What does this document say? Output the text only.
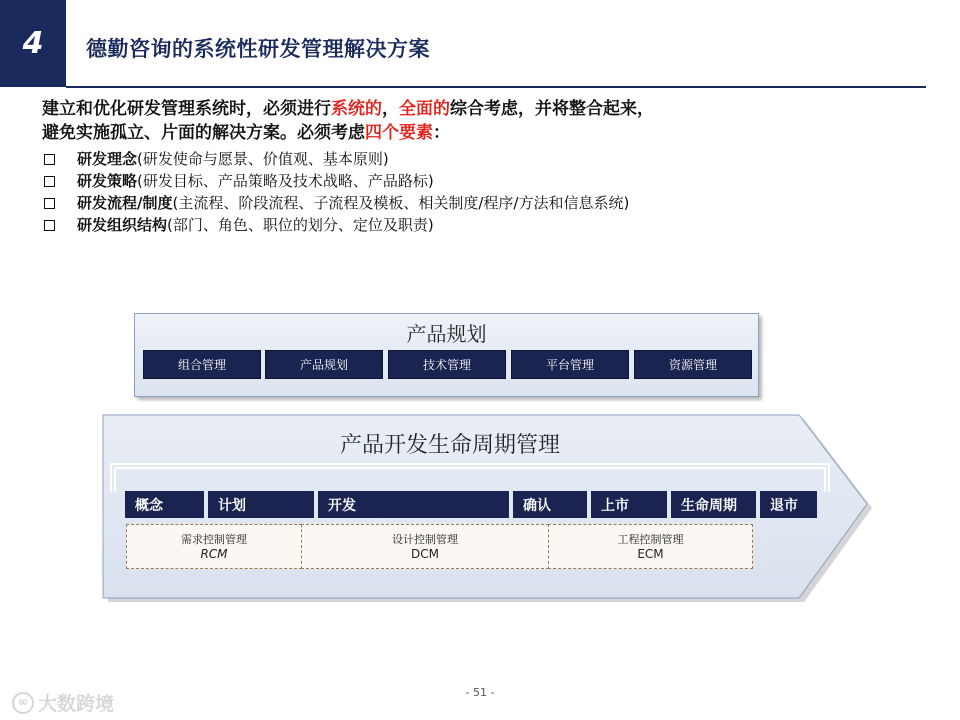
4	德勤咨询的系统性研发管理解决方案
建立和优化研发管理系统时，必须进行系统的，全面的综合考虑，并将整合起来，
避免实施孤立、片面的解决方案。必须考虑四个要素：
研发理念 (研发使命与愿景、价值观、基本原则)
研发策略 (研发目标、产品策略及技术战略、产品路标)
研发流程/制度 (主流程、阶段流程、子流程及模板、相关制度/程序/方法和信息系统)
研发组织结构 (部门、角色、职位的划分、定位及职责)
产品规划
组合管理	产品规划	技术管理	平台管理	资源管理
产品开发生命周期管理
概念	计划	开发	确认	上市	生命周期	退市
需求控制管理
RCM
设计控制管理
DCM
工程控制管理
ECM
- 51 -
∞ 大数跨境
